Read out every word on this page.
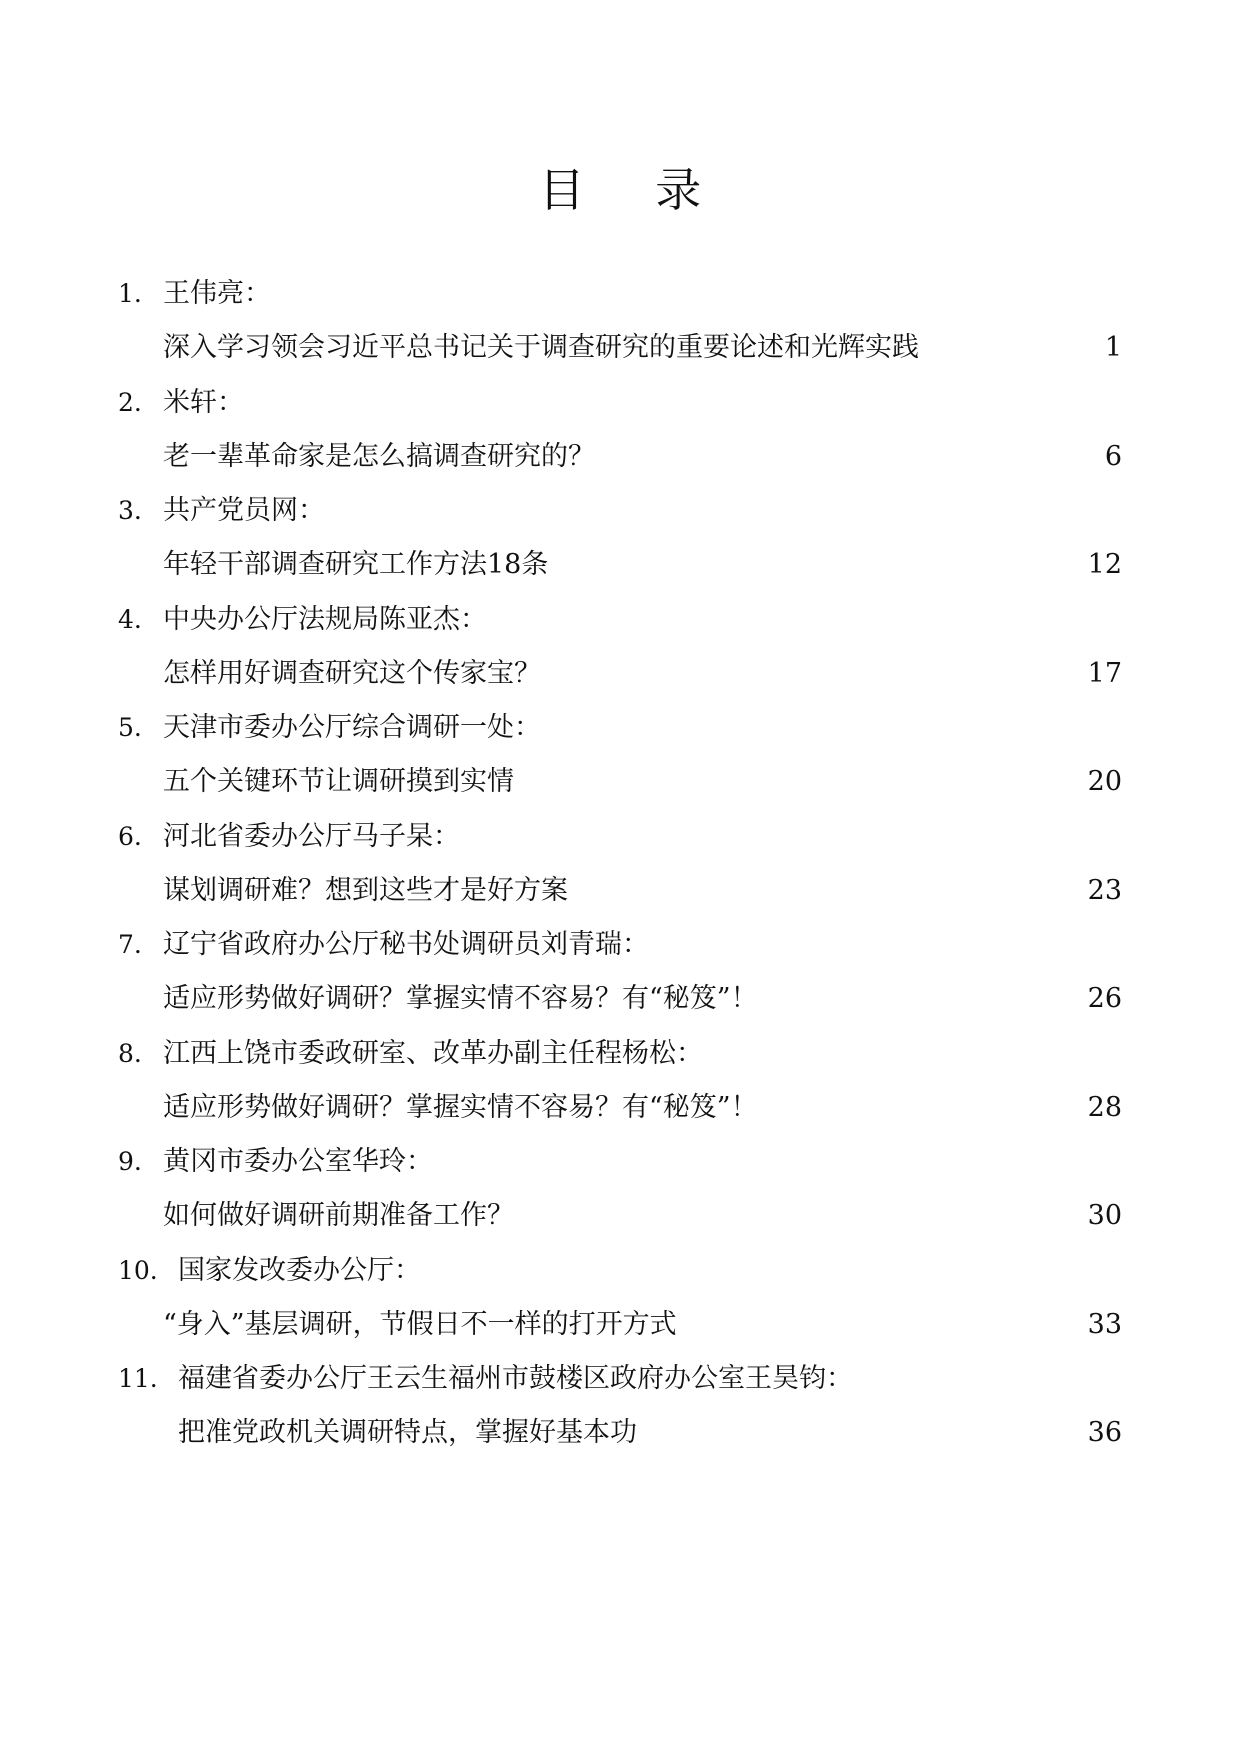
目 录
1. 王伟亮：
深入学习领会习近平总书记关于调查研究的重要论述和光辉实践	1
2. 米轩：
老一辈革命家是怎么搞调查研究的？	6
3. 共产党员网：
年轻干部调查研究工作方法18条	12
4. 中央办公厅法规局陈亚杰：
怎样用好调查研究这个传家宝？	17
5. 天津市委办公厅综合调研一处：
五个关键环节让调研摸到实情	20
6. 河北省委办公厅马子杲：
谋划调研难？想到这些才是好方案	23
7. 辽宁省政府办公厅秘书处调研员刘青瑞：
适应形势做好调研？掌握实情不容易？有“秘笈”！	26
8. 江西上饶市委政研室、改革办副主任程杨松：
适应形势做好调研？掌握实情不容易？有“秘笈”！	28
9. 黄冈市委办公室华玲：
如何做好调研前期准备工作？	30
10. 国家发改委办公厅：
“身入”基层调研，节假日不一样的打开方式	33
11. 福建省委办公厅王云生福州市鼓楼区政府办公室王昊钧：
把准党政机关调研特点，掌握好基本功	36
